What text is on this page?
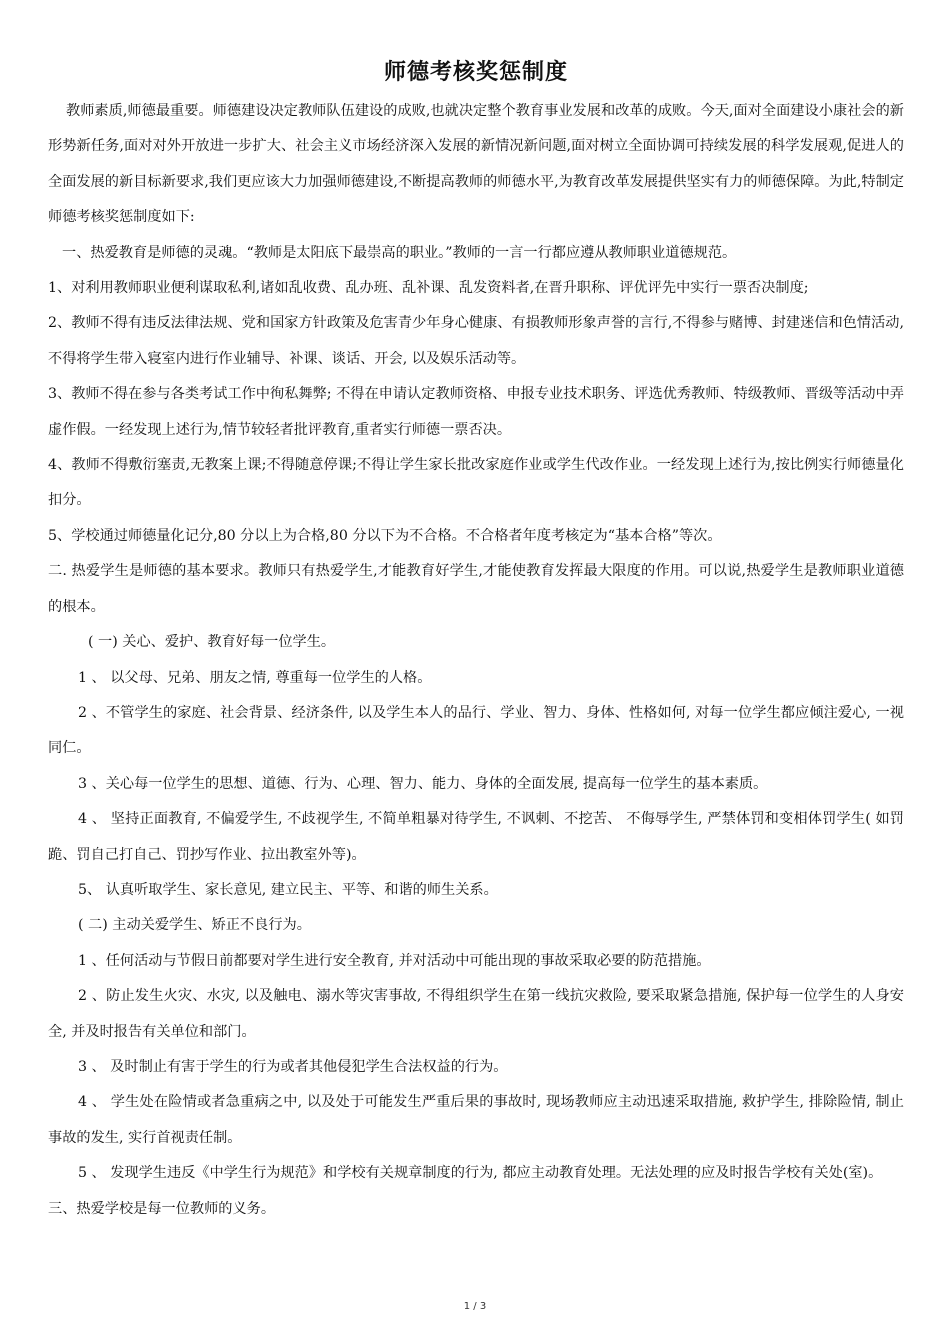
师德考核奖惩制度

教师素质,师德最重要。师德建设决定教师队伍建设的成败,也就决定整个教育事业发展和改革的成败。今天,面对全面建设小康社会的新形势新任务,面对对外开放进一步扩大、社会主义市场经济深入发展的新情况新问题,面对树立全面协调可持续发展的科学发展观,促进人的全面发展的新目标新要求,我们更应该大力加强师德建设,不断提高教师的师德水平,为教育改革发展提供坚实有力的师德保障。为此,特制定师德考核奖惩制度如下:

一、热爱教育是师德的灵魂。“教师是太阳底下最崇高的职业。”教师的一言一行都应遵从教师职业道德规范。

1、对利用教师职业便利谋取私利,诸如乱收费、乱办班、乱补课、乱发资料者,在晋升职称、评优评先中实行一票否决制度;

2、教师不得有违反法律法规、党和国家方针政策及危害青少年身心健康、有损教师形象声誉的言行,不得参与赌博、封建迷信和色情活动,不得将学生带入寝室内进行作业辅导、补课、谈话、开会, 以及娱乐活动等。

3、教师不得在参与各类考试工作中徇私舞弊; 不得在申请认定教师资格、申报专业技术职务、评选优秀教师、特级教师、晋级等活动中弄虚作假。一经发现上述行为,情节较轻者批评教育,重者实行师德一票否决。

4、教师不得敷衍塞责,无教案上课;不得随意停课;不得让学生家长批改家庭作业或学生代改作业。一经发现上述行为,按比例实行师德量化扣分。

5、学校通过师德量化记分,80 分以上为合格,80 分以下为不合格。不合格者年度考核定为“基本合格”等次。

二. 热爱学生是师德的基本要求。教师只有热爱学生,才能教育好学生,才能使教育发挥最大限度的作用。可以说,热爱学生是教师职业道德的根本。

( 一) 关心、爱护、教育好每一位学生。

1 、 以父母、兄弟、朋友之情, 尊重每一位学生的人格。

2 、不管学生的家庭、社会背景、经济条件, 以及学生本人的品行、学业、智力、身体、性格如何, 对每一位学生都应倾注爱心, 一视同仁。

3 、关心每一位学生的思想、道德、行为、心理、智力、能力、身体的全面发展, 提高每一位学生的基本素质。

4 、 坚持正面教育, 不偏爱学生, 不歧视学生, 不简单粗暴对待学生, 不讽刺、不挖苦、 不侮辱学生, 严禁体罚和变相体罚学生( 如罚跪、罚自己打自己、罚抄写作业、拉出教室外等)。

5、 认真听取学生、家长意见, 建立民主、平等、和谐的师生关系。

( 二) 主动关爱学生、矫正不良行为。

1 、任何活动与节假日前都要对学生进行安全教育, 并对活动中可能出现的事故采取必要的防范措施。

2 、防止发生火灾、水灾, 以及触电、溺水等灾害事故, 不得组织学生在第一线抗灾救险, 要采取紧急措施, 保护每一位学生的人身安全, 并及时报告有关单位和部门。

3 、 及时制止有害于学生的行为或者其他侵犯学生合法权益的行为。

4 、 学生处在险情或者急重病之中, 以及处于可能发生严重后果的事故时, 现场教师应主动迅速采取措施, 救护学生, 排除险情, 制止事故的发生, 实行首视责任制。

5 、 发现学生违反《中学生行为规范》和学校有关规章制度的行为, 都应主动教育处理。无法处理的应及时报告学校有关处(室)。

三、热爱学校是每一位教师的义务。

1 / 3
